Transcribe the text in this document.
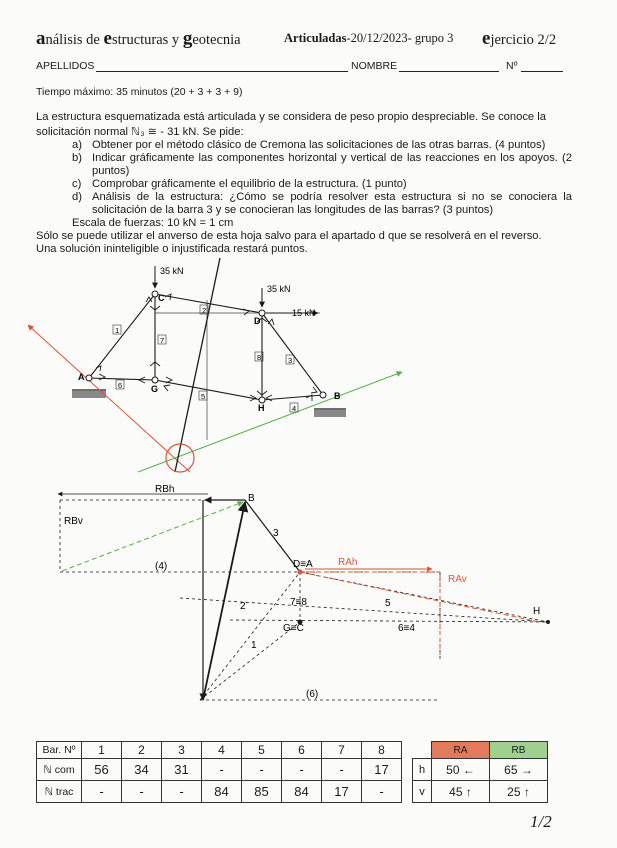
análisis de estructuras y geotecnia	Articuladas-20/12/2023- grupo 3 ejercicio 2/2
APELLIDOS	NOMBRE	Nº
Tiempo máximo: 35 minutos (20 + 3 + 3 + 9)
La estructura esquematizada está articulada y se considera de peso propio despreciable. Se conoce la
solicitación normal ℕ₃ ≅ - 31 kN. Se pide:
a) Obtener por el método clásico de Cremona las solicitaciones de las otras barras. (4 puntos)
b) Indicar gráficamente las componentes horizontal y vertical de las reacciones en los apoyos. (2 puntos)
c) Comprobar gráficamente el equilibrio de la estructura. (1 punto)
d) Análisis de la estructura: ¿Cómo se podría resolver esta estructura si no se conociera la solicitación de la barra 3 y se conocieran las longitudes de las barras? (3 puntos)
Escala de fuerzas: 10 kN = 1 cm
Sólo se puede utilizar el anverso de esta hoja salvo para el apartado d que se resolverá en el reverso.
Una solución ininteligible o injustificada restará puntos.
35 kN
35 kN
15 kN
A
B
C
D
G
H
1
2
3
4
5
6
7
8
RBh
RBv
RAh
RAv
B
3
D≡A
(4)
2	5
7≡8
H
G≡C	6≡4
1
(6)
Bar. Nº	1	2	3	4	5	6	7	8
ℕ com	56	34	31	-	-	-	-	17
ℕ trac	-	-	-	84	85	84	17	-
	RA	RB
h	50 ←	65 →
v	45 ↑	25 ↑
1/2
